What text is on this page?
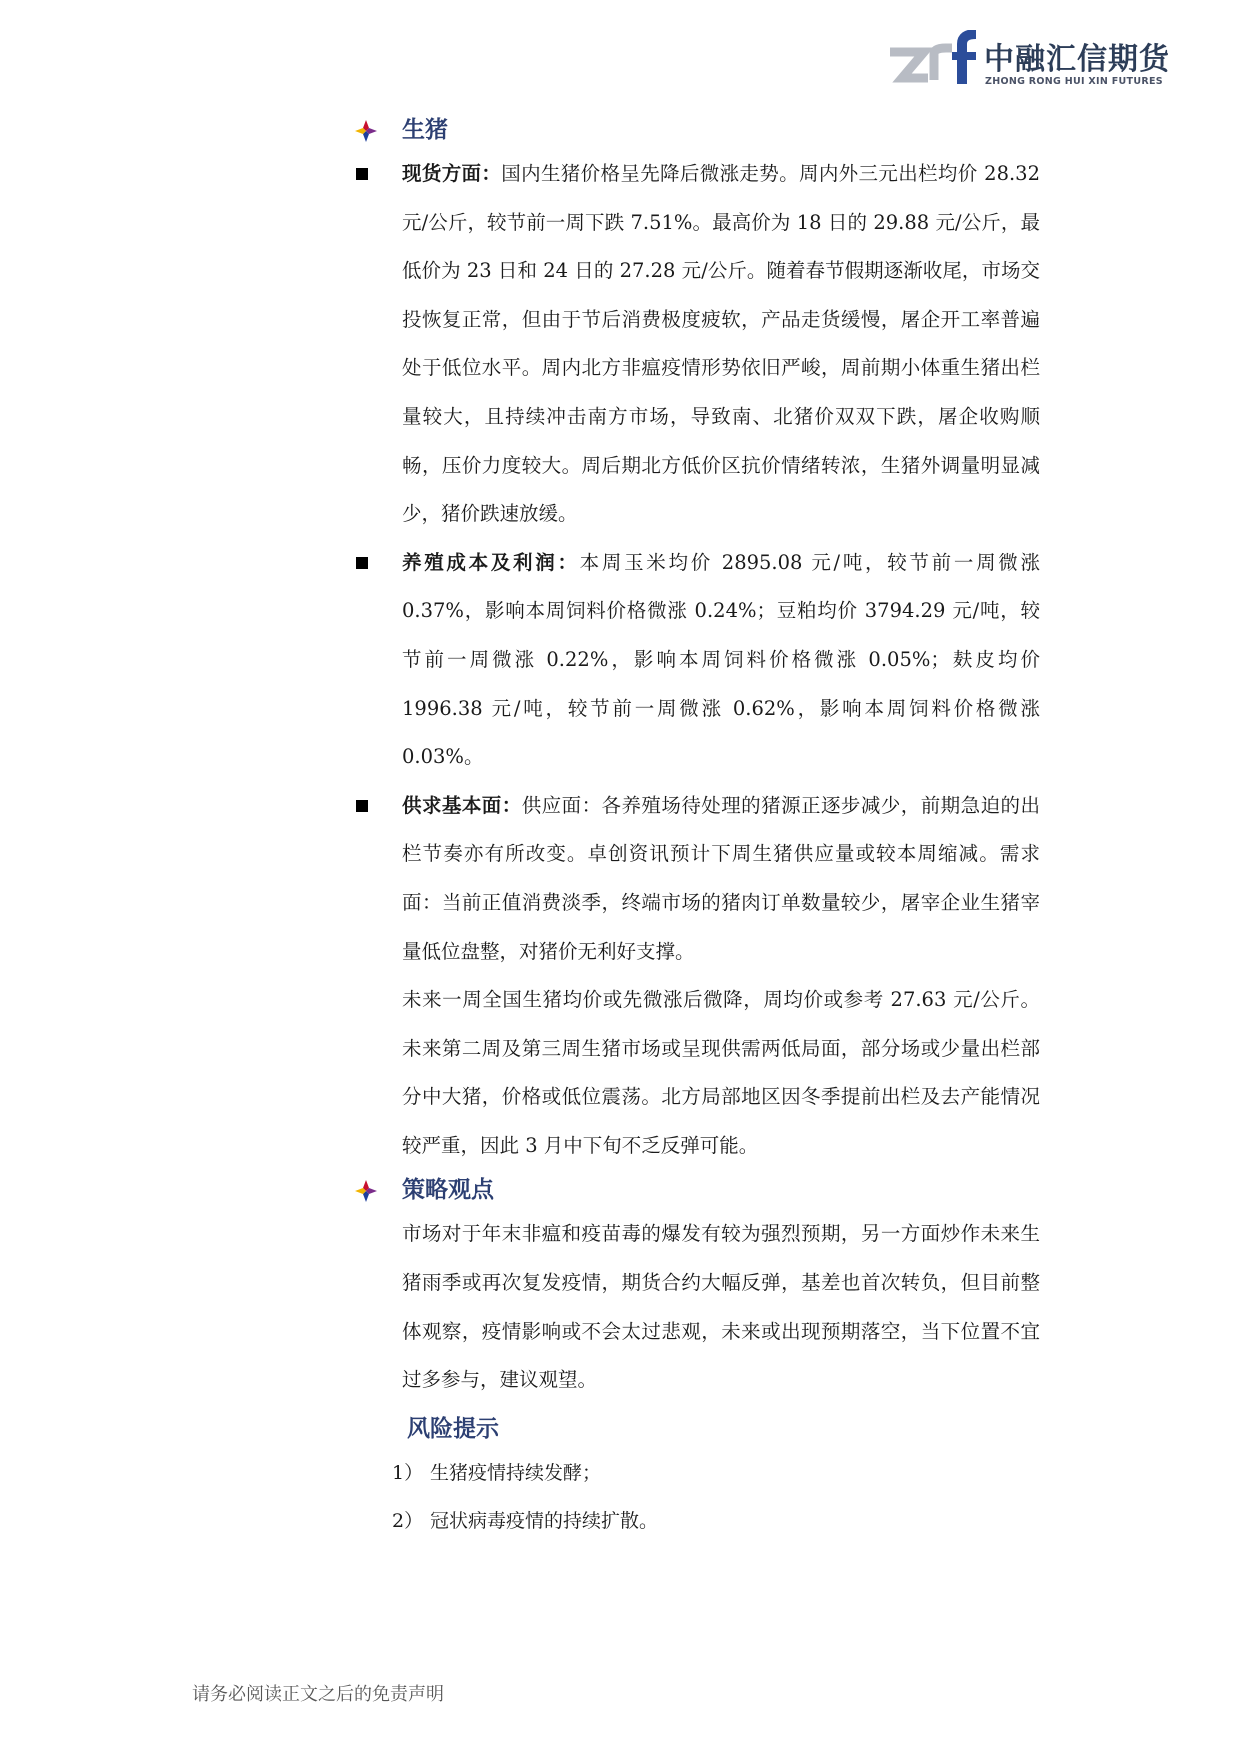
中融汇信期货
ZHONG RONG HUI XIN FUTURES
生猪
现货方面：国内生猪价格呈先降后微涨走势。周内外三元出栏均价 28.32 元/公斤，较节前一周下跌 7.51%。最高价为 18 日的 29.88 元/公斤，最低价为 23 日和 24 日的 27.28 元/公斤。随着春节假期逐渐收尾，市场交投恢复正常，但由于节后消费极度疲软，产品走货缓慢，屠企开工率普遍处于低位水平。周内北方非瘟疫情形势依旧严峻，周前期小体重生猪出栏量较大，且持续冲击南方市场，导致南、北猪价双双下跌，屠企收购顺畅，压价力度较大。周后期北方低价区抗价情绪转浓，生猪外调量明显减少，猪价跌速放缓。
养殖成本及利润：本周玉米均价 2895.08 元/吨，较节前一周微涨 0.37%，影响本周饲料价格微涨 0.24%；豆粕均价 3794.29 元/吨，较节前一周微涨 0.22%，影响本周饲料价格微涨 0.05%；麸皮均价 1996.38 元/吨，较节前一周微涨 0.62%，影响本周饲料价格微涨 0.03%。
供求基本面：供应面：各养殖场待处理的猪源正逐步减少，前期急迫的出栏节奏亦有所改变。卓创资讯预计下周生猪供应量或较本周缩减。需求面：当前正值消费淡季，终端市场的猪肉订单数量较少，屠宰企业生猪宰量低位盘整，对猪价无利好支撑。
未来一周全国生猪均价或先微涨后微降，周均价或参考 27.63 元/公斤。未来第二周及第三周生猪市场或呈现供需两低局面，部分场或少量出栏部分中大猪，价格或低位震荡。北方局部地区因冬季提前出栏及去产能情况较严重，因此 3 月中下旬不乏反弹可能。
策略观点
市场对于年末非瘟和疫苗毒的爆发有较为强烈预期，另一方面炒作未来生猪雨季或再次复发疫情，期货合约大幅反弹，基差也首次转负，但目前整体观察，疫情影响或不会太过悲观，未来或出现预期落空，当下位置不宜过多参与，建议观望。
风险提示
1） 生猪疫情持续发酵；
2） 冠状病毒疫情的持续扩散。
请务必阅读正文之后的免责声明
